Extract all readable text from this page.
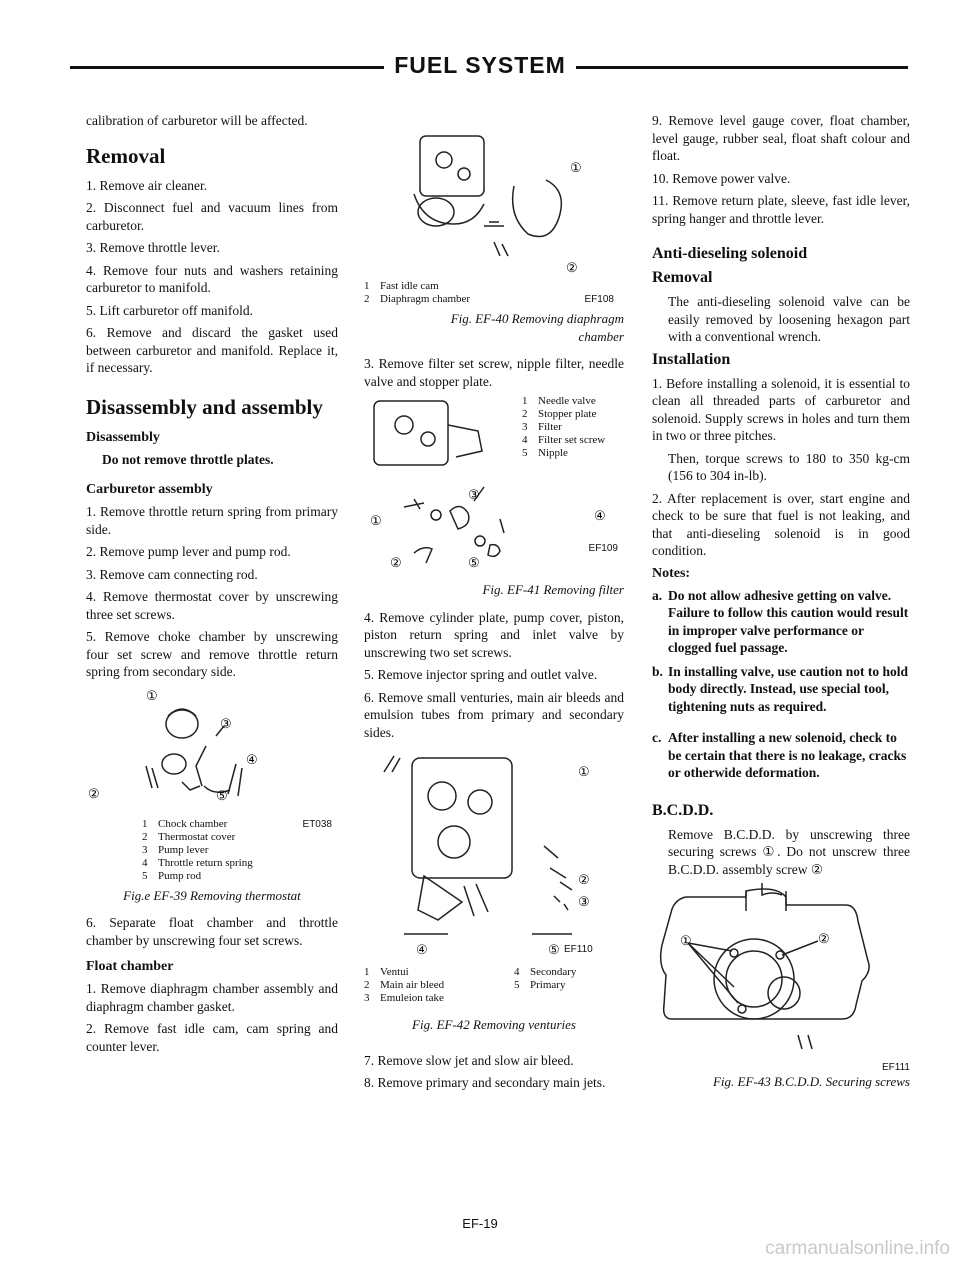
FUEL SYSTEM

calibration of carburetor will be affected.

Removal

1. Remove air cleaner.

2. Disconnect fuel and vacuum lines from carburetor.

3. Remove throttle lever.

4. Remove four nuts and washers retaining carburetor to manifold.

5. Lift carburetor off manifold.

6. Remove and discard the gasket used between carburetor and manifold. Replace it, if necessary.

Disassembly and assembly
Disassembly

Do not remove throttle plates.

Carburetor assembly

1. Remove throttle return spring from primary side.

2. Remove pump lever and pump rod.

3. Remove cam connecting rod.

4. Remove thermostat cover by unscrewing three set screws.

5. Remove choke chamber by unscrewing four set screw and remove throttle return spring from secondary side.

①
③
④
②	⑤
1 Chock chamber
2 Thermostat cover
3 Pump lever
4 Throttle return spring
5 Pump rod
ET038

Fig.e EF-39 Removing thermostat

6. Separate float chamber and throttle chamber by unscrewing four set screws.

Float chamber

1. Remove diaphragm chamber assembly and diaphragm chamber gasket.

2. Remove fast idle cam, cam spring and counter lever.

①
②
1 Fast idle cam
2 Diaphragm chamber	EF108

Fig. EF-40 Removing diaphragm chamber

3. Remove filter set screw, nipple filter, needle valve and stopper plate.

③
①
②	⑤
④
1 Needle valve
2 Stopper plate
3 Filter
4 Filter set screw
5 Nipple
EF109

Fig. EF-41 Removing filter

4. Remove cylinder plate, pump cover, piston, piston return spring and inlet valve by unscrewing two set screws.

5. Remove injector spring and outlet valve.

6. Remove small venturies, main air bleeds and emulsion tubes from primary and secondary sides.

①
②
③
④	⑤ EF110
1 Ventui
2 Main air bleed
3 Emuleion take
4 Secondary
5 Primary

Fig. EF-42 Removing venturies

7. Remove slow jet and slow air bleed.

8. Remove primary and secondary main jets.

9. Remove level gauge cover, float chamber, level gauge, rubber seal, float shaft colour and float.

10. Remove power valve.

11. Remove return plate, sleeve, fast idle lever, spring hanger and throttle lever.

Anti-dieseling solenoid
Removal

The anti-dieseling solenoid valve can be easily removed by loosening hexagon part with a conventional wrench.

Installation

1. Before installing a solenoid, it is essential to clean all threaded parts of carburetor and solenoid. Supply screws in holes and turn them in two or three pitches.

Then, torque screws to 180 to 350 kg-cm (156 to 304 in-lb).

2. After replacement is over, start engine and check to be sure that fuel is not leaking, and that anti-dieseling solenoid is in good condition.

Notes:
a. Do not allow adhesive getting on valve. Failure to follow this caution would result in improper valve performance or clogged fuel passage.
b. In installing valve, use caution not to hold body directly. Instead, use special tool, tightening nuts as required.
c. After installing a new solenoid, check to be certain that there is no leakage, cracks or otherwide deformation.
B.C.D.D.

Remove B.C.D.D. by unscrewing three securing screws ①. Do not unscrew three B.C.D.D. assembly screw ②

①	②
EF111

Fig. EF-43 B.C.D.D. Securing screws

EF-19
carmanualsonline.info
